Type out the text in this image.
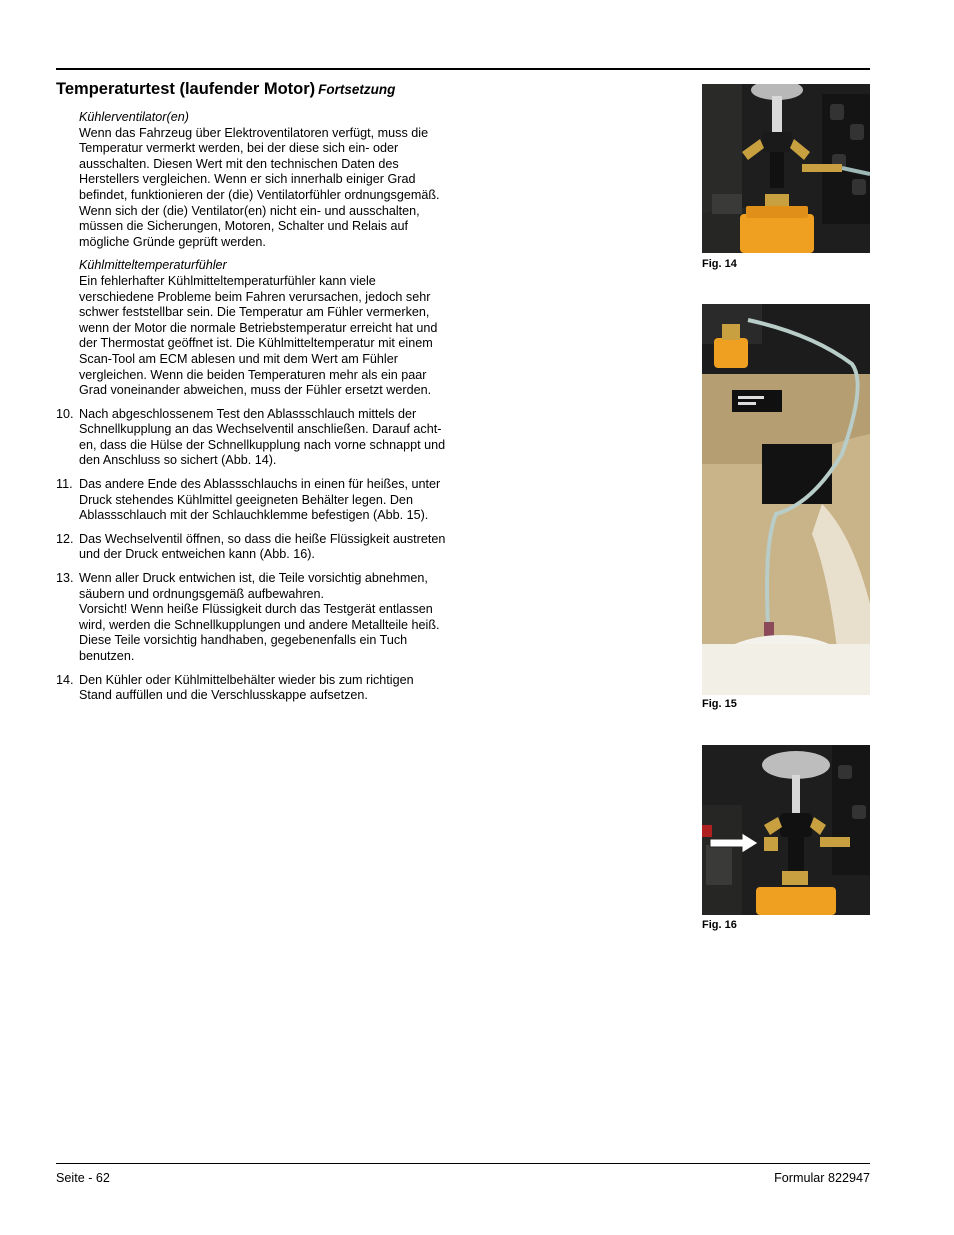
Temperaturtest (laufender Motor) Fortsetzung
Kühlerventilator(en)
Wenn das Fahrzeug über Elektroventilatoren verfügt, muss die
Temperatur vermerkt werden, bei der diese sich ein- oder
ausschalten. Diesen Wert mit den technischen Daten des
Herstellers vergleichen. Wenn er sich innerhalb einiger Grad
befindet, funktionieren der (die) Ventilatorfühler ordnungsgemäß.
Wenn sich der (die) Ventilator(en) nicht ein- und ausschalten,
müssen die Sicherungen, Motoren, Schalter und Relais auf
mögliche Gründe geprüft werden.
Kühlmitteltemperaturfühler
Ein fehlerhafter Kühlmitteltemperaturfühler kann viele
verschiedene Probleme beim Fahren verursachen, jedoch sehr
schwer feststellbar sein. Die Temperatur am Fühler vermerken,
wenn der Motor die normale Betriebstemperatur erreicht hat und
der Thermostat geöffnet ist. Die Kühlmitteltemperatur mit einem
Scan-Tool am ECM ablesen und mit dem Wert am Fühler
vergleichen. Wenn die beiden Temperaturen mehr als ein paar
Grad voneinander abweichen, muss der Fühler ersetzt werden.
10. Nach abgeschlossenem Test den Ablassschlauch mittels der
Schnellkupplung an das Wechselventil anschließen. Darauf acht-
en, dass die Hülse der Schnellkupplung nach vorne schnappt und
den Anschluss so sichert (Abb. 14).
11. Das andere Ende des Ablassschlauchs in einen für heißes, unter
Druck stehendes Kühlmittel geeigneten Behälter legen. Den
Ablassschlauch mit der Schlauchklemme befestigen (Abb. 15).
12. Das Wechselventil öffnen, so dass die heiße Flüssigkeit austreten
und der Druck entweichen kann (Abb. 16).
13. Wenn aller Druck entwichen ist, die Teile vorsichtig abnehmen,
säubern und ordnungsgemäß aufbewahren.
Vorsicht! Wenn heiße Flüssigkeit durch das Testgerät entlassen
wird, werden die Schnellkupplungen und andere Metallteile heiß.
Diese Teile vorsichtig handhaben, gegebenenfalls ein Tuch
benutzen.
14. Den Kühler oder Kühlmittelbehälter wieder bis zum richtigen
Stand auffüllen und die Verschlusskappe aufsetzen.
Fig. 14
Fig. 15
Fig. 16
Seite - 62	Formular 822947
